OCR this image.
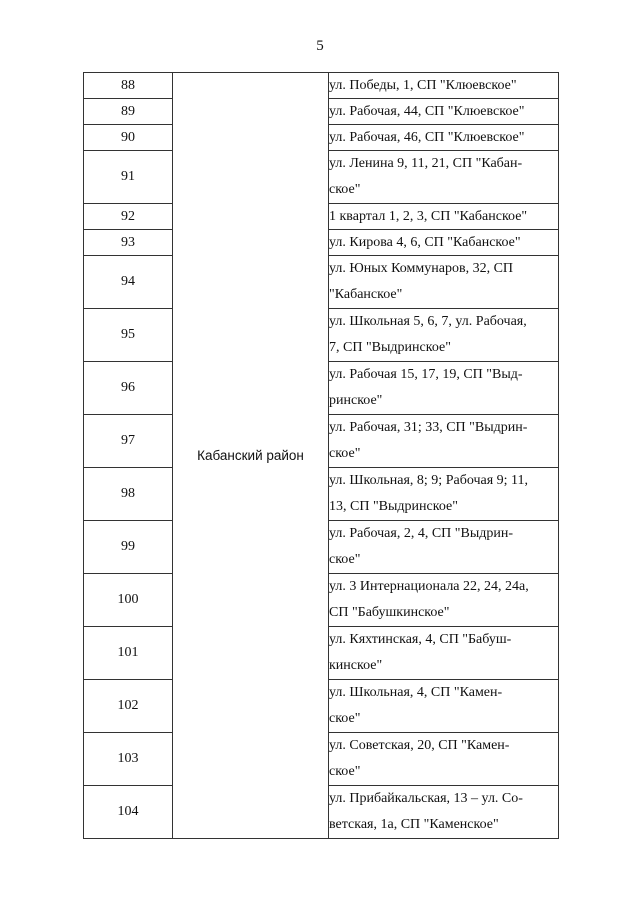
5
88	Кабанский район	ул. Победы, 1, СП "Клюевское"
89		ул. Рабочая, 44, СП "Клюевское"
90		ул. Рабочая, 46, СП "Клюевское"
91		ул. Ленина 9, 11, 21, СП "Кабан-
ское"
92		1 квартал 1, 2, 3, СП "Кабанское"
93		ул. Кирова 4, 6, СП "Кабанское"
94		ул. Юных Коммунаров, 32, СП
"Кабанское"
95		ул. Школьная 5, 6, 7, ул. Рабочая,
7, СП "Выдринское"
96		ул. Рабочая 15, 17, 19, СП "Выд-
ринское"
97		ул. Рабочая, 31; 33, СП "Выдрин-
ское"
98		ул. Школьная, 8; 9; Рабочая 9; 11,
13, СП "Выдринское"
99		ул. Рабочая, 2, 4, СП "Выдрин-
ское"
100		ул. 3 Интернационала 22, 24, 24а,
СП "Бабушкинское"
101		ул. Кяхтинская, 4, СП "Бабуш-
кинское"
102		ул. Школьная, 4, СП "Камен-
ское"
103		ул. Советская, 20, СП "Камен-
ское"
104		ул. Прибайкальская, 13 – ул. Со-
ветская, 1а, СП "Каменское"
